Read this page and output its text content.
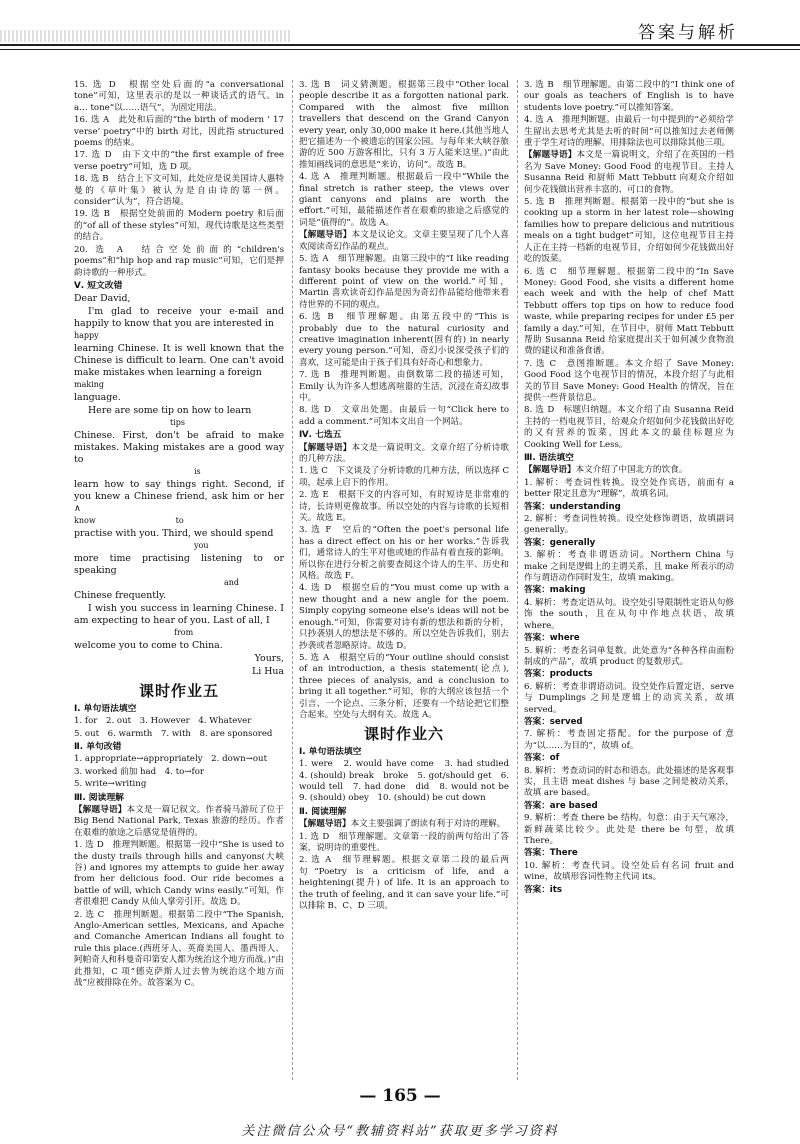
答案与解析

15. 选 D　根据空处后面的“a conversational tone”可知，这里表示的是以一种谈话式的语气。in a… tone“以……语气”，为固定用法。

16. 选 A　此处和后面的“the birth of modern ‘ 17 verse’ poetry”中的 birth 对比，因此指 structured poems 的结束。

17. 选 D　由下文中的“the first example of free verse poetry”可知，选 D 项。

18. 选 B　结合上下文可知，此处应是说美国诗人惠特曼的《草叶集》被认为是自由诗的第一例。consider“认为”，符合语境。

19. 选 B　根据空处前面的 Modern poetry 和后面的“of all of these styles”可知，现代诗歌是这些类型的结合。

20. 选 A　结合空处前面的“children's poems”和“hip hop and rap music”可知，它们是押韵诗歌的一种形式。

Ⅴ. 短文改错

Dear David,

I'm glad to receive your e-mail and happily to know that you are interested in

happy

learning Chinese. It is well known that the Chinese is difficult to learn. One can't avoid make mistakes when learning a foreign

making

language.

Here are some tip on how to learn

tips

Chinese. First, don't be afraid to make mistakes. Making mistakes are a good way to

is

learn how to say things right. Second, if you knew a Chinese friend, ask him or her ∧

know　　　　　　　　　　to

practise with you. Third, we should spend

you

more time practising listening to or speaking

and

Chinese frequently.

I wish you success in learning Chinese. I am expecting to hear of you. Last of all, I

from

welcome you to come to China.

Yours,

Li Hua

课时作业五
Ⅰ. 单句语法填空

1. for　2. out　3. However　4. Whatever

5. out　6. warmth　7. with　8. are sponsored

Ⅱ. 单句改错

1. appropriate→appropriately　2. down→out

3. worked 前加 had　4. to→for

5. write→writing

Ⅲ. 阅读理解

【解题导语】本文是一篇记叙文。作者骑马游玩了位于 Big Bend National Park, Texas 旅游的经历。作者在艰难的旅途之后感觉是值得的。

1. 选 D　推理判断题。根据第一段中“She is used to the dusty trails through hills and canyons(大峡谷) and ignores my attempts to guide her away from her delicious food. Our ride becomes a battle of will, which Candy wins easily.”可知，作者很难把 Candy 从仙人掌旁引开。故选 D。

2. 选 C　推理判断题。根据第二段中“The Spanish, Anglo-American settles, Mexicans, and Apache and Comanche American Indians all fought to rule this place.(西班牙人、英裔美国人、墨西哥人、阿帕奇人和科曼奇印第安人都为统治这个地方而战。)”由此推知，C 项“德克萨斯人过去曾为统治这个地方而战”应被排除在外。故答案为 C。

3. 选 B　词义猜测题。根据第三段中“Other local people describe it as a forgotten national park. Compared with the almost five million travellers that descend on the Grand Canyon every year, only 30,000 make it here.(其他当地人把它描述为一个被遗忘的国家公园。与每年来大峡谷旅游的近 500 万游客相比，只有 3 万人能来这里。)”由此推知画线词的意思是“来访，访问”。故选 B。

4. 选 A　推理判断题。根据最后一段中“While the final stretch is rather steep, the views over giant canyons and plains are worth the effort.”可知，最能描述作者在艰难的旅途之后感觉的词是“值得的”。故选 A。

【解题导语】本文是议论文。文章主要呈现了几个人喜欢阅读奇幻作品的观点。

5. 选 A　细节理解题。由第三段中的“I like reading fantasy books because they provide me with a different point of view on the world.”可知，Martin 喜欢读奇幻作品是因为奇幻作品能给他带来看待世界的不同的观点。

6. 选 B　细节理解题。由第五段中的“This is probably due to the natural curiosity and creative imagination inherent(固有的) in nearly every young person.”可知，奇幻小说深受孩子们的喜欢，这可能是由于孩子们具有好奇心和想象力。

7. 选 B　推理判断题。由倒数第二段的描述可知，Emily 认为许多人想逃离喧嚣的生活，沉浸在奇幻故事中。

8. 选 D　文章出处题。由最后一句“Click here to add a comment.”可知本文出自一个网站。

Ⅳ. 七选五

【解题导语】本文是一篇说明文。文章介绍了分析诗歌的几种方法。

1. 选 C　下文谈及了分析诗歌的几种方法，所以选择 C 项，起承上启下的作用。

2. 选 E　根据下文的内容可知，有时短诗是非常难的诗，长诗则更像故事。所以空处的内容与诗歌的长短相关。故选 E。

3. 选 F　空后的“Often the poet's personal life has a direct effect on his or her works.”告诉我们，通常诗人的生平对他或她的作品有着直接的影响。所以你在进行分析之前要查阅这个诗人的生平、历史和风格。故选 F。

4. 选 D　根据空后的“You must come up with a new thought and a new angle for the poem. Simply copying someone else's ideas will not be enough.”可知，你需要对诗有新的想法和新的分析，只抄袭别人的想法是不够的。所以空处告诉我们，别去抄袭或者忽略原诗。故选 D。

5. 选 A　根据空后的“Your outline should consist of an introduction, a thesis statement(论点), three pieces of analysis, and a conclusion to bring it all together.”可知，你的大纲应该包括一个引言、一个论点、三条分析，还要有一个结论把它们整合起来。空处与大纲有关。故选 A。

课时作业六
Ⅰ. 单句语法填空

1. were　2. would have come　3. had studied　4. (should) break　broke　5. got/should get　6. would tell　7. had done　did　8. would not be　9. (should) obey　10. (should) be cut down

Ⅱ. 阅读理解

【解题导语】本文主要强调了朗读有利于对诗的理解。

1. 选 D　细节理解题。文章第一段的前两句给出了答案，说明诗的重要性。

2. 选 A　细节理解题。根据文章第二段的最后两句“Poetry is a criticism of life, and a heightening(提升) of life. It is an approach to the truth of feeling, and it can save your life.”可以排除 B、C、D 三项。

3. 选 B　细节理解题。由第二段中的“I think one of our goals as teachers of English is to have students love poetry.”可以推知答案。

4. 选 A　推理判断题。由最后一句中提到的“必须给学生留出去思考尤其是去听的时间”可以推知过去老师侧重于学生对诗的理解。用排除法也可以排除其他三项。

【解题导语】本文是一篇说明文，介绍了在英国的一档名为 Save Money: Good Food 的电视节目。主持人 Susanna Reid 和厨师 Matt Tebbutt 向观众介绍如何少花钱做出营养丰富的、可口的食物。

5. 选 B　推理判断题。根据第一段中的“but she is cooking up a storm in her latest role—showing families how to prepare delicious and nutritious meals on a tight budget”可知，这位电视节目主持人正在主持一档新的电视节目，介绍如何少花钱做出好吃的饭菜。

6. 选 C　细节理解题。根据第二段中的“In Save Money: Good Food, she visits a different home each week and with the help of chef Matt Tebbutt offers top tips on how to reduce food waste, while preparing recipes for under £5 per family a day.”可知，在节目中，厨师 Matt Tebbutt 帮助 Susanna Reid 给家庭提出关于如何减少食物浪费的建议和准备食谱。

7. 选 C　意图推断题。本文介绍了 Save Money: Good Food 这个电视节目的情况，本段介绍了与此相关的节目 Save Money: Good Health 的情况，旨在提供一些背景信息。

8. 选 D　标题归纳题。本文介绍了由 Susanna Reid 主持的一档电视节目，给观众介绍如何少花钱做出好吃的又有营养的饭菜，因此本文的最佳标题应为 Cooking Well for Less。

Ⅲ. 语法填空

【解题导语】本文介绍了中国北方的饮食。

1. 解析：考查词性转换。设空处作宾语，前面有 a better 限定且意为“理解”，故填名词。

答案：understanding

2. 解析：考查词性转换。设空处修饰谓语，故填副词 generally。

答案：generally

3. 解析：考查非谓语动词。Northern China 与 make 之间是逻辑上的主谓关系，且 make 所表示的动作与谓语动作同时发生，故填 making。

答案：making

4. 解析：考查定语从句。设空处引导限制性定语从句修饰 the south，且在从句中作地点状语，故填 where。

答案：where

5. 解析：考查名词单复数。此处意为“各种各样由面粉制成的产品”，故填 product 的复数形式。

答案：products

6. 解析：考查非谓语动词。设空处作后置定语，serve 与 Dumplings 之间是逻辑上的动宾关系，故填 served。

答案：served

7. 解析：考查固定搭配。for the purpose of 意为“以……为目的”，故填 of。

答案：of

8. 解析：考查动词的时态和语态。此处描述的是客观事实，且主语 meat dishes 与 base 之间是被动关系，故填 are based。

答案：are based

9. 解析：考查 there be 结构。句意：由于天气寒冷，新鲜蔬菜比较少。此处是 there be 句型，故填 There。

答案：There

10. 解析：考查代词。设空处后有名词 fruit and wine，故填形容词性物主代词 its。

答案：its

— 165 —
关注微信公众号“教辅资料站”获取更多学习资料
